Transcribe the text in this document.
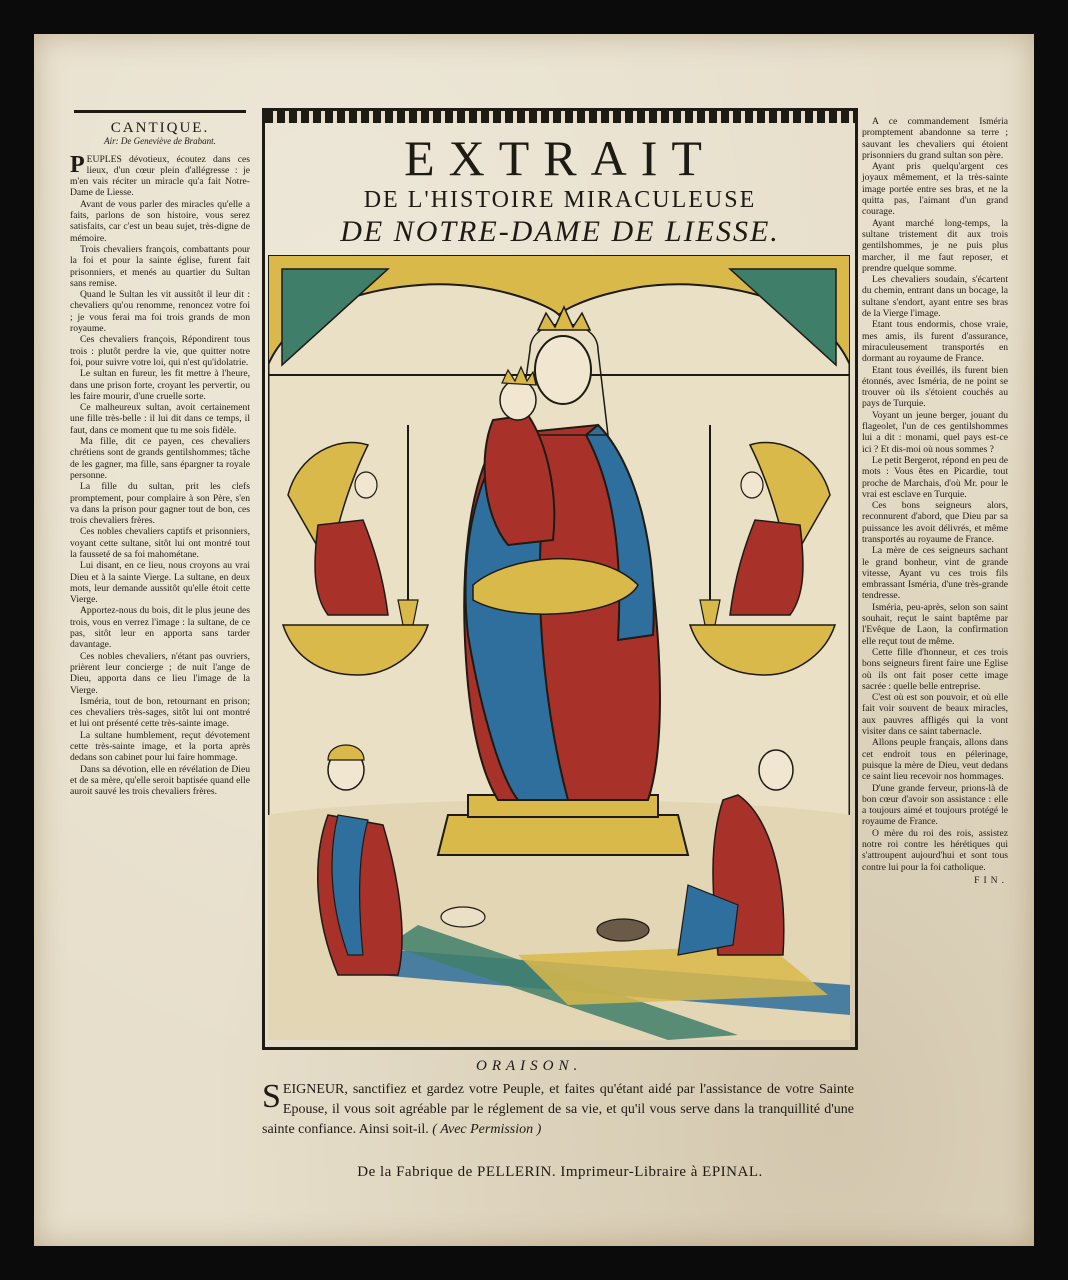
CANTIQUE.
Air: De Geneviève de Brabant.

PEUPLES dévotieux, écoutez dans ces lieux, d'un cœur plein d'allégresse : je m'en vais réciter un miracle qu'a fait Notre-Dame de Liesse.

Avant de vous parler des miracles qu'elle a faits, parlons de son histoire, vous serez satisfaits, car c'est un beau sujet, très-digne de mémoire.

Trois chevaliers françois, combattants pour la foi et pour la sainte église, furent fait prisonniers, et menés au quartier du Sultan sans remise.

Quand le Sultan les vit aussitôt il leur dit : chevaliers qu'ou renomme, renoncez votre foi ; je vous ferai ma foi trois grands de mon royaume.

Ces chevaliers françois, Répondirent tous trois : plutôt perdre la vie, que quitter notre foi, pour suivre votre loi, qui n'est qu'idolatrie.

Le sultan en fureur, les fit mettre à l'heure, dans une prison forte, croyant les pervertir, ou les faire mourir, d'une cruelle sorte.

Ce malheureux sultan, avoit certainement une fille très-belle : il lui dit dans ce temps, il faut, dans ce moment que tu me sois fidèle.

Ma fille, dit ce payen, ces chevaliers chrétiens sont de grands gentilshommes; tâche de les gagner, ma fille, sans épargner ta royale personne.

La fille du sultan, prit les clefs promptement, pour complaire à son Père, s'en va dans la prison pour gagner tout de bon, ces trois chevaliers frères.

Ces nobles chevaliers captifs et prisonniers, voyant cette sultane, sitôt lui ont montré tout la fausseté de sa foi mahométane.

Lui disant, en ce lieu, nous croyons au vrai Dieu et à la sainte Vierge. La sultane, en deux mots, leur demande aussitôt qu'elle étoit cette Vierge.

Apportez-nous du bois, dit le plus jeune des trois, vous en verrez l'image : la sultane, de ce pas, sitôt leur en apporta sans tarder davantage.

Ces nobles chevaliers, n'étant pas ouvriers, prièrent leur concierge ; de nuit l'ange de Dieu, apporta dans ce lieu l'image de la Vierge.

Isméria, tout de bon, retournant en prison; ces chevaliers très-sages, sitôt lui ont montré et lui ont présenté cette très-sainte image.

La sultane humblement, reçut dévotement cette très-sainte image, et la porta après dedans son cabinet pour lui faire hommage.

Dans sa dévotion, elle en révélation de Dieu et de sa mère, qu'elle seroit baptisée quand elle auroit sauvé les trois chevaliers frères.

A ce commandement Isméria promptement abandonne sa terre ; sauvant les chevaliers qui étoient prisonniers du grand sultan son père.

Ayant pris quelqu'argent ces joyaux mêmement, et la très-sainte image portée entre ses bras, et ne la quitta pas, l'aimant d'un grand courage.

Ayant marché long-temps, la sultane tristement dit aux trois gentilshommes, je ne puis plus marcher, il me faut reposer, et prendre quelque somme.

Les chevaliers soudain, s'écartent du chemin, entrant dans un bocage, la sultane s'endort, ayant entre ses bras de la Vierge l'image.

Etant tous endormis, chose vraie, mes amis, ils furent d'assurance, miraculeusement transportés en dormant au royaume de France.

Etant tous éveillés, ils furent bien étonnés, avec Isméria, de ne point se trouver où ils s'étoient couchés au pays de Turquie.

Voyant un jeune berger, jouant du flageolet, l'un de ces gentilshommes lui a dit : monami, quel pays est-ce ici ? Et dis-moi où nous sommes ?

Le petit Bergerot, répond en peu de mots : Vous êtes en Picardie, tout proche de Marchais, d'où Mr. pour le vrai est esclave en Turquie.

Ces bons seigneurs alors, reconnurent d'abord, que Dieu par sa puissance les avoit délivrés, et même transportés au royaume de France.

La mère de ces seigneurs sachant le grand bonheur, vint de grande vitesse, Ayant vu ces trois fils embrassant Isméria, d'une très-grande tendresse.

Isméria, peu-après, selon son saint souhait, reçut le saint baptême par l'Evêque de Laon, la confirmation elle reçut tout de même.

Cette fille d'honneur, et ces trois bons seigneurs firent faire une Eglise où ils ont fait poser cette image sacrée : quelle belle entreprise.

C'est où est son pouvoir, et où elle fait voir souvent de beaux miracles, aux pauvres affligés qui la vont visiter dans ce saint tabernacle.

Allons peuple français, allons dans cet endroit tous en pélerinage, puisque la mère de Dieu, veut dedans ce saint lieu recevoir nos hommages.

D'une grande ferveur, prions-là de bon cœur d'avoir son assistance : elle a toujours aimé et toujours protégé le royaume de France.

O mère du roi des rois, assistez notre roi contre les hérétiques qui s'attroupent aujourd'hui et sont tous contre lui pour la foi catholique.

FIN.
EXTRAIT
DE L'HISTOIRE MIRACULEUSE
DE NOTRE-DAME DE LIESSE.
ORAISON.
SEIGNEUR, sanctifiez et gardez votre Peuple, et faites qu'étant aidé par l'assistance de votre Sainte Epouse, il vous soit agréable par le réglement de sa vie, et qu'il vous serve dans la tranquillité d'une sainte confiance. Ainsi soit-il. ( Avec Permission )
De la Fabrique de PELLERIN. Imprimeur-Libraire à EPINAL.
